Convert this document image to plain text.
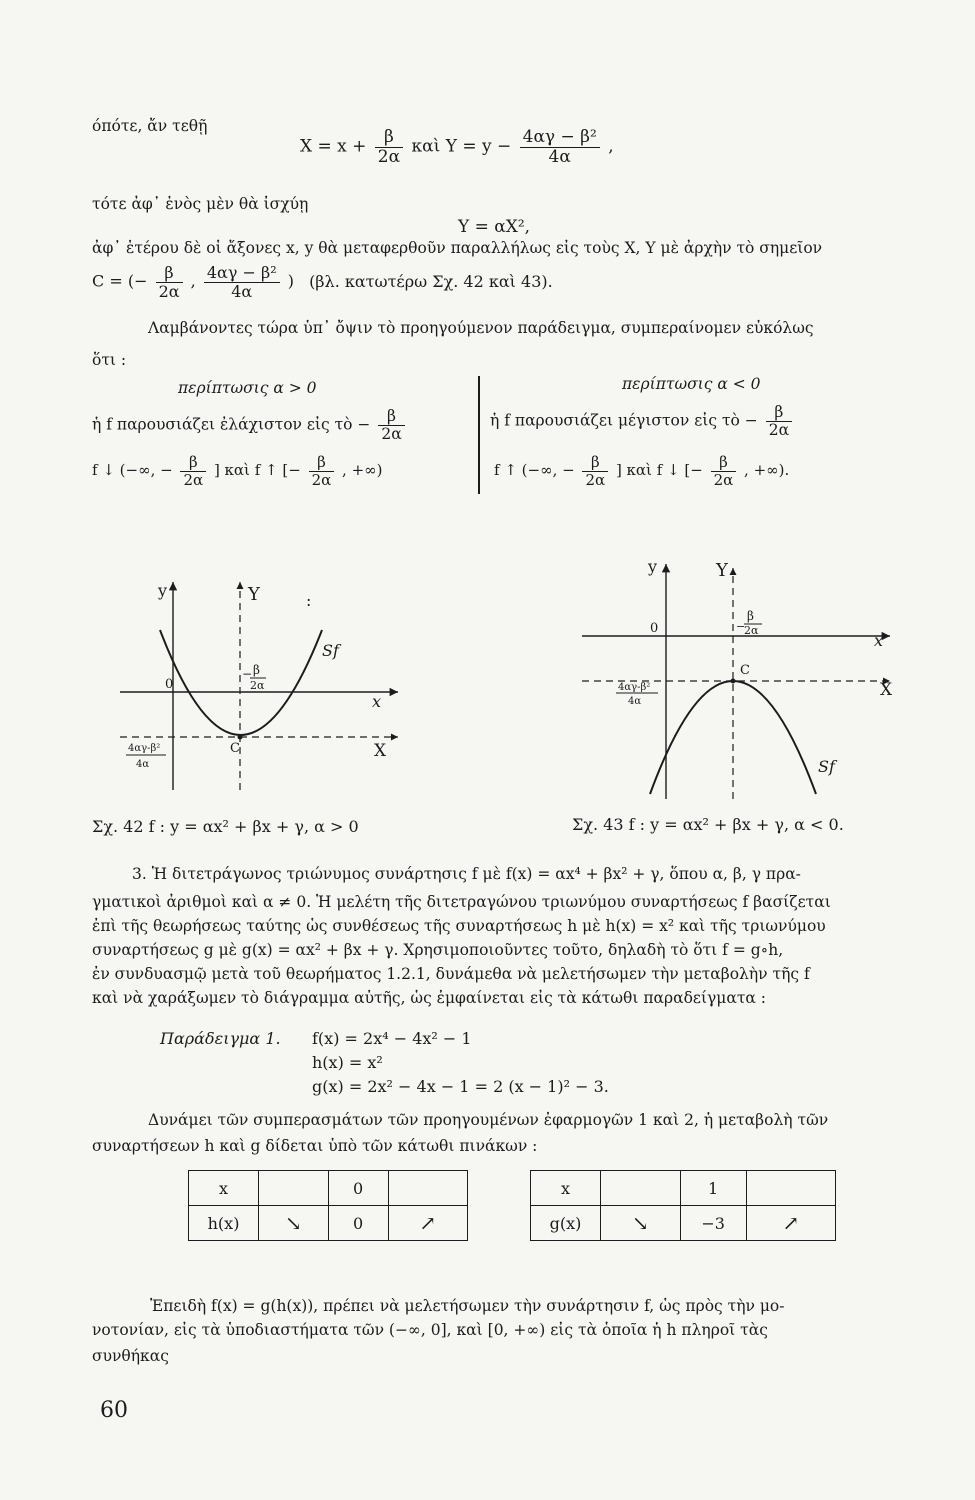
όπότε, ἄν τεθῇ
$X = x + \frac{\beta}{2\alpha}$ καὶ $Y = y - \frac{\text{4αγ − β²}}{4\alpha}$ ,
τότε ἀφ᾽ ἑνὸς μὲν θὰ ἰσχύῃ
Y = αX²,
ἀφ᾽ ἑτέρου δὲ οἱ ἄξονες x, y θὰ μεταφερθοῦν παραλλήλως εἰς τοὺς X, Y μὲ ἀρχὴν τὸ σημεῖον
C = (− $\frac{\beta}{2\alpha}$ , $\frac{\text{4αγ − β²}}{4\alpha}$ ) (βλ. κατωτέρω Σχ. 42 καὶ 43).
Λαμβάνοντες τώρα ὑπ᾽ ὄψιν τὸ προηγούμενον παράδειγμα, συμπεραίνομεν εὐκόλως
ὅτι :
περίπτωσις α > 0	περίπτωσις α < 0
ἡ f παρουσιάζει ἐλάχιστον εἰς τὸ − $\frac{\beta}{2\alpha}$	ἡ f παρουσιάζει μέγιστον εἰς τὸ − $\frac{\beta}{2\alpha}$
f ↓ (−∞, − $\frac{\beta}{2\alpha}$ ] καὶ f ↑ [− $\frac{\beta}{2\alpha}$ , +∞)	f ↑ (−∞, − $\frac{\beta}{2\alpha}$ ] καὶ f ↓ [− $\frac{\beta}{2\alpha}$ , +∞).
y	Y	:
Sf
0
− β
2α
x
4αγ-β²
4α
C	X
y	Y
0	−
β
2α
x
C
4αγ-β²
4α
X
Sf
Σχ. 42 f : y = αx² + βx + γ, α > 0	Σχ. 43 f : y = αx² + βx + γ, α < 0.
3. Ἡ διτετράγωνος τριώνυμος συνάρτησις f μὲ f(x) = αx⁴ + βx² + γ, ὅπου α, β, γ πρα-
γματικοὶ ἀριθμοὶ καὶ α ≠ 0. Ἡ μελέτη τῆς διτετραγώνου τριωνύμου συναρτήσεως f βασίζεται
ἐπὶ τῆς θεωρήσεως ταύτης ὡς συνθέσεως τῆς συναρτήσεως h μὲ h(x) = x² καὶ τῆς τριωνύμου
συναρτήσεως g μὲ g(x) = αx² + βx + γ. Χρησιμοποιοῦντες τοῦτο, δηλαδὴ τὸ ὅτι f = g∘h,
ἐν συνδυασμῷ μετὰ τοῦ θεωρήματος 1.2.1, δυνάμεθα νὰ μελετήσωμεν τὴν μεταβολὴν τῆς f
καὶ νὰ χαράξωμεν τὸ διάγραμμα αὐτῆς, ὡς ἐμφαίνεται εἰς τὰ κάτωθι παραδείγματα :
Παράδειγμα 1. f(x) = 2x⁴ − 4x² − 1
h(x) = x²
g(x) = 2x² − 4x − 1 = 2 (x − 1)² − 3.
Δυνάμει τῶν συμπερασμάτων τῶν προηγουμένων ἐφαρμογῶν 1 καὶ 2, ἡ μεταβολὴ τῶν
συναρτήσεων h καὶ g δίδεται ὑπὸ τῶν κάτωθι πινάκων :
x		0	
h(x)	↘	0	↗
x		1	
g(x)	↘	−3	↗
Ἐπειδὴ f(x) = g(h(x)), πρέπει νὰ μελετήσωμεν τὴν συνάρτησιν f, ὡς πρὸς τὴν μο-
νοτονίαν, εἰς τὰ ὑποδιαστήματα τῶν (−∞, 0], καὶ [0, +∞) εἰς τὰ ὁποῖα ἡ h πληροῖ τὰς
συνθήκας
60
